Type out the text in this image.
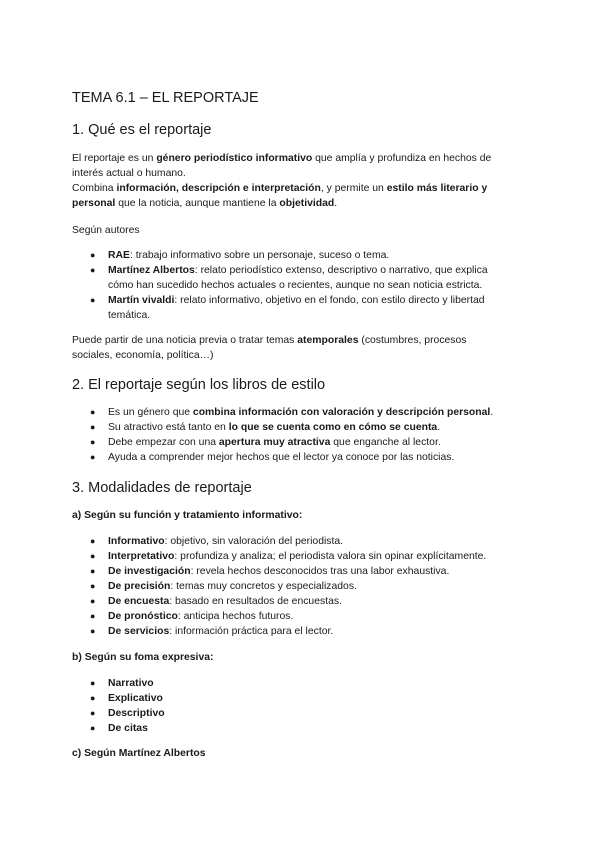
TEMA 6.1 – EL REPORTAJE
1. Qué es el reportaje

El reportaje es un género periodístico informativo que amplía y profundiza en hechos de
interés actual o humano.
Combina información, descripción e interpretación, y permite un estilo más literario y
personal que la noticia, aunque mantiene la objetividad.

Según autores

● RAE: trabajo informativo sobre un personaje, suceso o tema.
● Martínez Albertos: relato periodístico extenso, descriptivo o narrativo, que explica
cómo han sucedido hechos actuales o recientes, aunque no sean noticia estricta.
● Martín vivaldi: relato informativo, objetivo en el fondo, con estilo directo y libertad
temática.

Puede partir de una noticia previa o tratar temas atemporales (costumbres, procesos
sociales, economía, política…)

2. El reportaje según los libros de estilo
● Es un género que combina información con valoración y descripción personal.
● Su atractivo está tanto en lo que se cuenta como en cómo se cuenta.
● Debe empezar con una apertura muy atractiva que enganche al lector.
● Ayuda a comprender mejor hechos que el lector ya conoce por las noticias.
3. Modalidades de reportaje

a) Según su función y tratamiento informativo:

● Informativo: objetivo, sin valoración del periodista.
● Interpretativo: profundiza y analiza; el periodista valora sin opinar explícitamente.
● De investigación: revela hechos desconocidos tras una labor exhaustiva.
● De precisión: temas muy concretos y especializados.
● De encuesta: basado en resultados de encuestas.
● De pronóstico: anticipa hechos futuros.
● De servicios: información práctica para el lector.

b) Según su foma expresiva:

● Narrativo
● Explicativo
● Descriptivo
● De citas

c) Según Martínez Albertos
